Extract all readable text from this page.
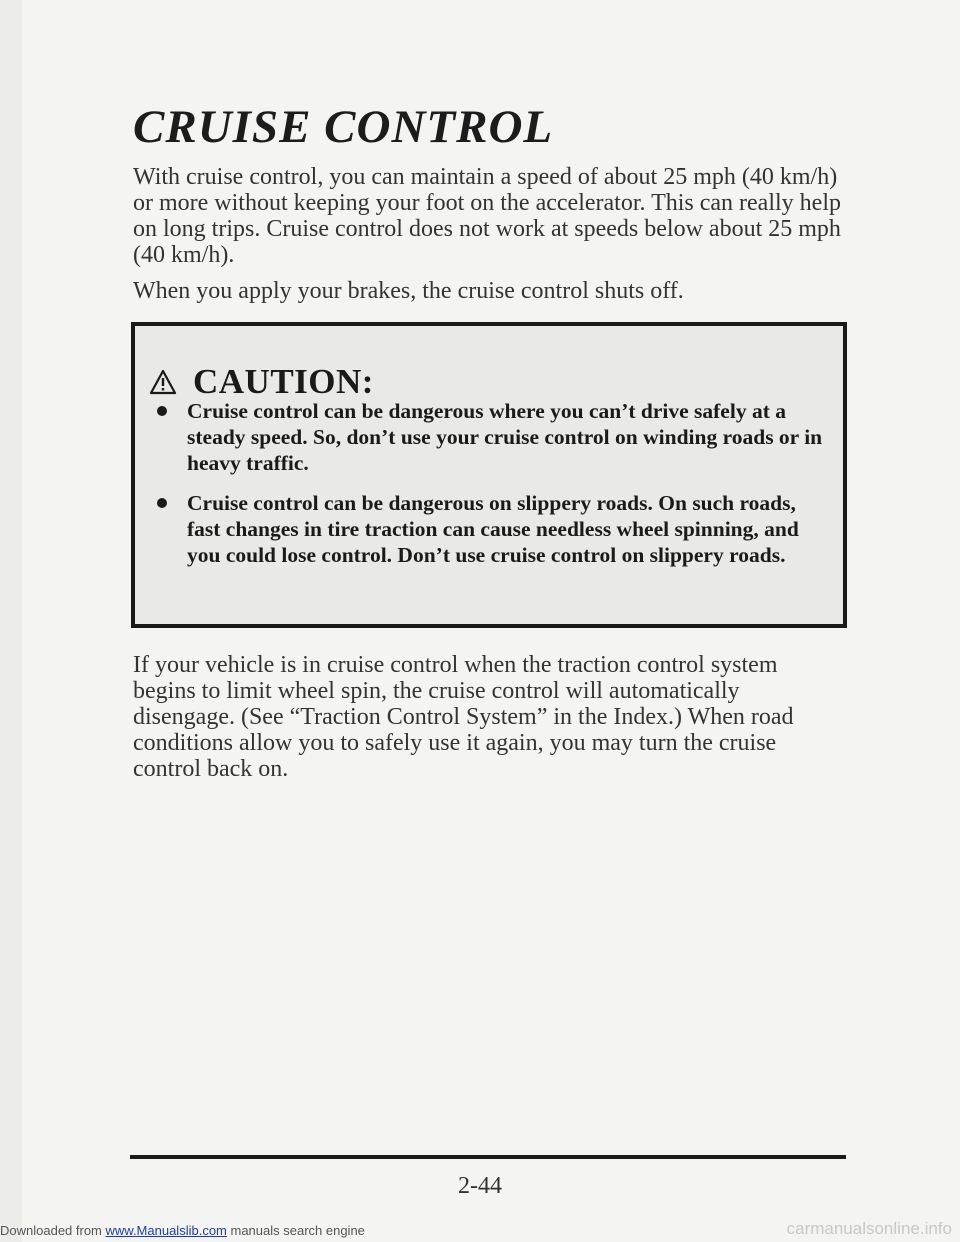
CRUISE CONTROL

With cruise control, you can maintain a speed of about 25 mph (40 km/h) or more without keeping your foot on the accelerator. This can really help on long trips. Cruise control does not work at speeds below about 25 mph (40 km/h).

When you apply your brakes, the cruise control shuts off.

CAUTION:
Cruise control can be dangerous where you can’t drive safely at a steady speed. So, don’t use your cruise control on winding roads or in heavy traffic.
Cruise control can be dangerous on slippery roads. On such roads, fast changes in tire traction can cause needless wheel spinning, and you could lose control. Don’t use cruise control on slippery roads.

If your vehicle is in cruise control when the traction control system begins to limit wheel spin, the cruise control will automatically disengage. (See “Traction Control System” in the Index.) When road conditions allow you to safely use it again, you may turn the cruise control back on.

2-44
Downloaded from www.Manualslib.com manuals search engine	carmanualsonline.info
